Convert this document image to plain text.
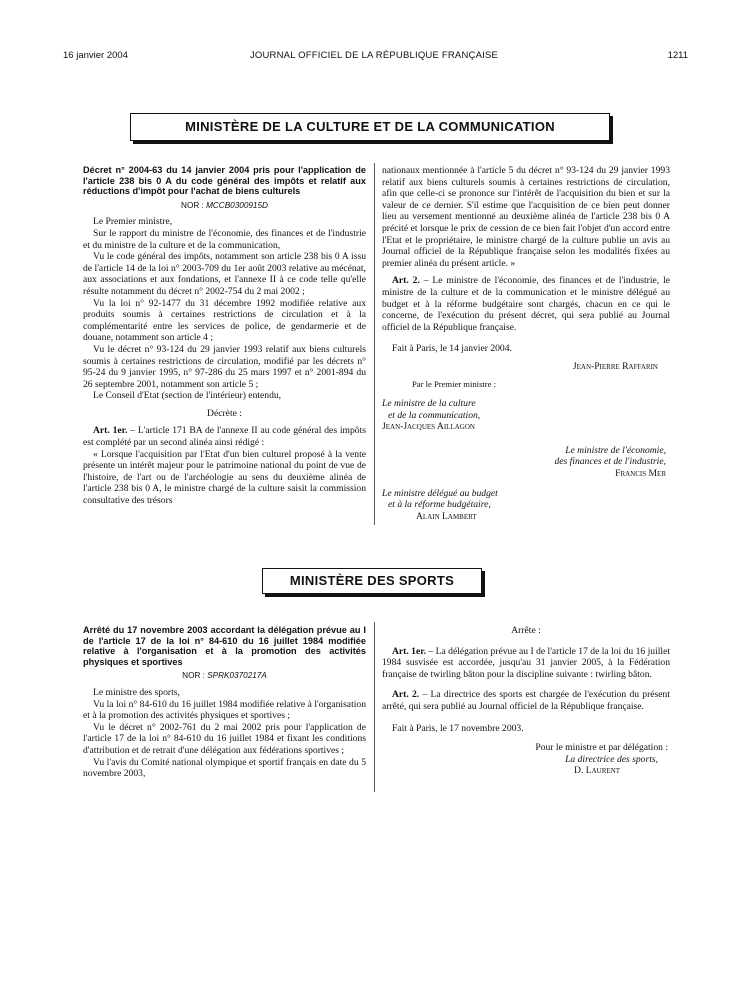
16 janvier 2004	JOURNAL OFFICIEL DE LA RÉPUBLIQUE FRANÇAISE	1211
MINISTÈRE DE LA CULTURE ET DE LA COMMUNICATION

Décret n° 2004-63 du 14 janvier 2004 pris pour l'application de l'article 238 bis 0 A du code général des impôts et relatif aux réductions d'impôt pour l'achat de biens culturels

NOR : MCCB0300915D

Le Premier ministre,

Sur le rapport du ministre de l'économie, des finances et de l'industrie et du ministre de la culture et de la communication,

Vu le code général des impôts, notamment son article 238 bis 0 A issu de l'article 14 de la loi n° 2003-709 du 1er août 2003 relative au mécénat, aux associations et aux fondations, et l'annexe II à ce code telle qu'elle résulte notamment du décret n° 2002-754 du 2 mai 2002 ;

Vu la loi n° 92-1477 du 31 décembre 1992 modifiée relative aux produits soumis à certaines restrictions de circulation et à la complémentarité entre les services de police, de gendarmerie et de douane, notamment son article 4 ;

Vu le décret n° 93-124 du 29 janvier 1993 relatif aux biens culturels soumis à certaines restrictions de circulation, modifié par les décrets n° 95-24 du 9 janvier 1995, n° 97-286 du 25 mars 1997 et n° 2001-894 du 26 septembre 2001, notamment son article 5 ;

Le Conseil d'Etat (section de l'intérieur) entendu,

Décrète :

Art. 1er. – L'article 171 BA de l'annexe II au code général des impôts est complété par un second alinéa ainsi rédigé :

« Lorsque l'acquisition par l'Etat d'un bien culturel proposé à la vente présente un intérêt majeur pour le patrimoine national du point de vue de l'histoire, de l'art ou de l'archéologie au sens du deuxième alinéa de l'article 238 bis 0 A, le ministre chargé de la culture saisit la commission consultative des trésors

nationaux mentionnée à l'article 5 du décret n° 93-124 du 29 janvier 1993 relatif aux biens culturels soumis à certaines restrictions de circulation, afin que celle-ci se prononce sur l'intérêt de l'acquisition du bien et sur la valeur de ce dernier. S'il estime que l'acquisition de ce bien peut donner lieu au versement mentionné au deuxième alinéa de l'article 238 bis 0 A précité et lorsque le prix de cession de ce bien fait l'objet d'un accord entre l'Etat et le propriétaire, le ministre chargé de la culture publie un avis au Journal officiel de la République française selon les modalités fixées au premier alinéa du présent article. »

Art. 2. – Le ministre de l'économie, des finances et de l'industrie, le ministre de la culture et de la communication et le ministre délégué au budget et à la réforme budgétaire sont chargés, chacun en ce qui le concerne, de l'exécution du présent décret, qui sera publié au Journal officiel de la République française.

Fait à Paris, le 14 janvier 2004.

Jean-Pierre Raffarin

Par le Premier ministre :

Le ministre de la culture

et de la communication,

Jean-Jacques Aillagon

Le ministre de l'économie,

des finances et de l'industrie,

Francis Mer

Le ministre délégué au budget

et à la réforme budgétaire,

Alain Lambert

MINISTÈRE DES SPORTS

Arrêté du 17 novembre 2003 accordant la délégation prévue au I de l'article 17 de la loi n° 84-610 du 16 juillet 1984 modifiée relative à l'organisation et à la promotion des activités physiques et sportives

NOR : SPRK0370217A

Le ministre des sports,

Vu la loi n° 84-610 du 16 juillet 1984 modifiée relative à l'organisation et à la promotion des activités physiques et sportives ;

Vu le décret n° 2002-761 du 2 mai 2002 pris pour l'application de l'article 17 de la loi n° 84-610 du 16 juillet 1984 et fixant les conditions d'attribution et de retrait d'une délégation aux fédérations sportives ;

Vu l'avis du Comité national olympique et sportif français en date du 5 novembre 2003,

Arrête :

Art. 1er. – La délégation prévue au I de l'article 17 de la loi du 16 juillet 1984 susvisée est accordée, jusqu'au 31 janvier 2005, à la Fédération française de twirling bâton pour la discipline suivante : twirling bâton.

Art. 2. – La directrice des sports est chargée de l'exécution du présent arrêté, qui sera publié au Journal officiel de la République française.

Fait à Paris, le 17 novembre 2003.

Pour le ministre et par délégation :

La directrice des sports,

D. Laurent
